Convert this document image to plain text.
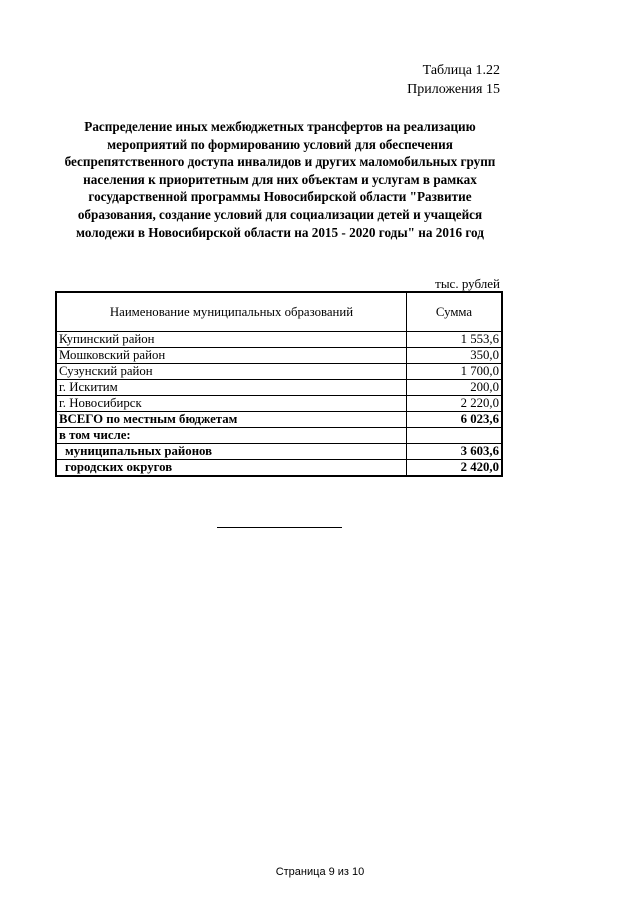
Таблица 1.22
Приложения 15
Распределение иных межбюджетных трансфертов на реализацию мероприятий по формированию условий для обеспечения беспрепятственного доступа инвалидов и других маломобильных групп населения к приоритетным для них объектам и услугам в рамках государственной программы Новосибирской области "Развитие образования, создание условий для социализации детей и учащейся молодежи в Новосибирской области на 2015 - 2020 годы" на 2016 год
тыс. рублей
Наименование муниципальных образований	Сумма
Купинский район	1 553,6
Мошковский район	350,0
Сузунский район	1 700,0
г. Искитим	200,0
г. Новосибирск	2 220,0
ВСЕГО по местным бюджетам	6 023,6
в том числе:	
муниципальных районов	3 603,6
городских округов	2 420,0
Страница 9 из 10
